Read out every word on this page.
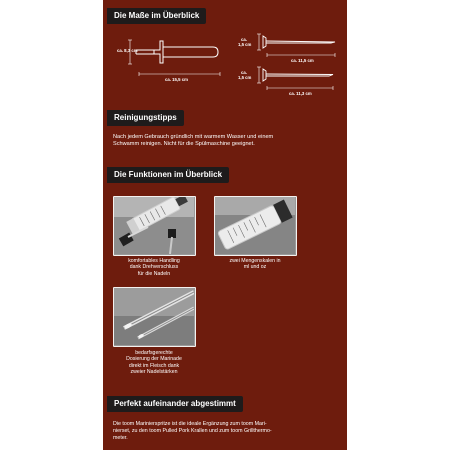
Die Maße im Überblick
ca. 8,3 cm
ca. 15,5 cm
ca.
1,5 cm
ca. 11,5 cm
ca.
1,5 cm
ca. 11,3 cm
Reinigungstipps
Nach jedem Gebrauch gründlich mit warmem Wasser und einem
Schwamm reinigen. Nicht für die Spülmaschine geeignet.
Die Funktionen im Überblick
komfortables Handling
dank Drehverschluss
für die Nadeln
zwei Mengenskalen in
ml und oz
bedarfsgerechte
Dosierung der Marinade
direkt im Fleisch dank
zweier Nadelstärken
Perfekt aufeinander abgestimmt
Die toom Marinierspritze ist die ideale Ergänzung zum toom Mari-
nierset, zu den toom Pulled Pork Krallen und zum toom Grillthermo-
meter.
